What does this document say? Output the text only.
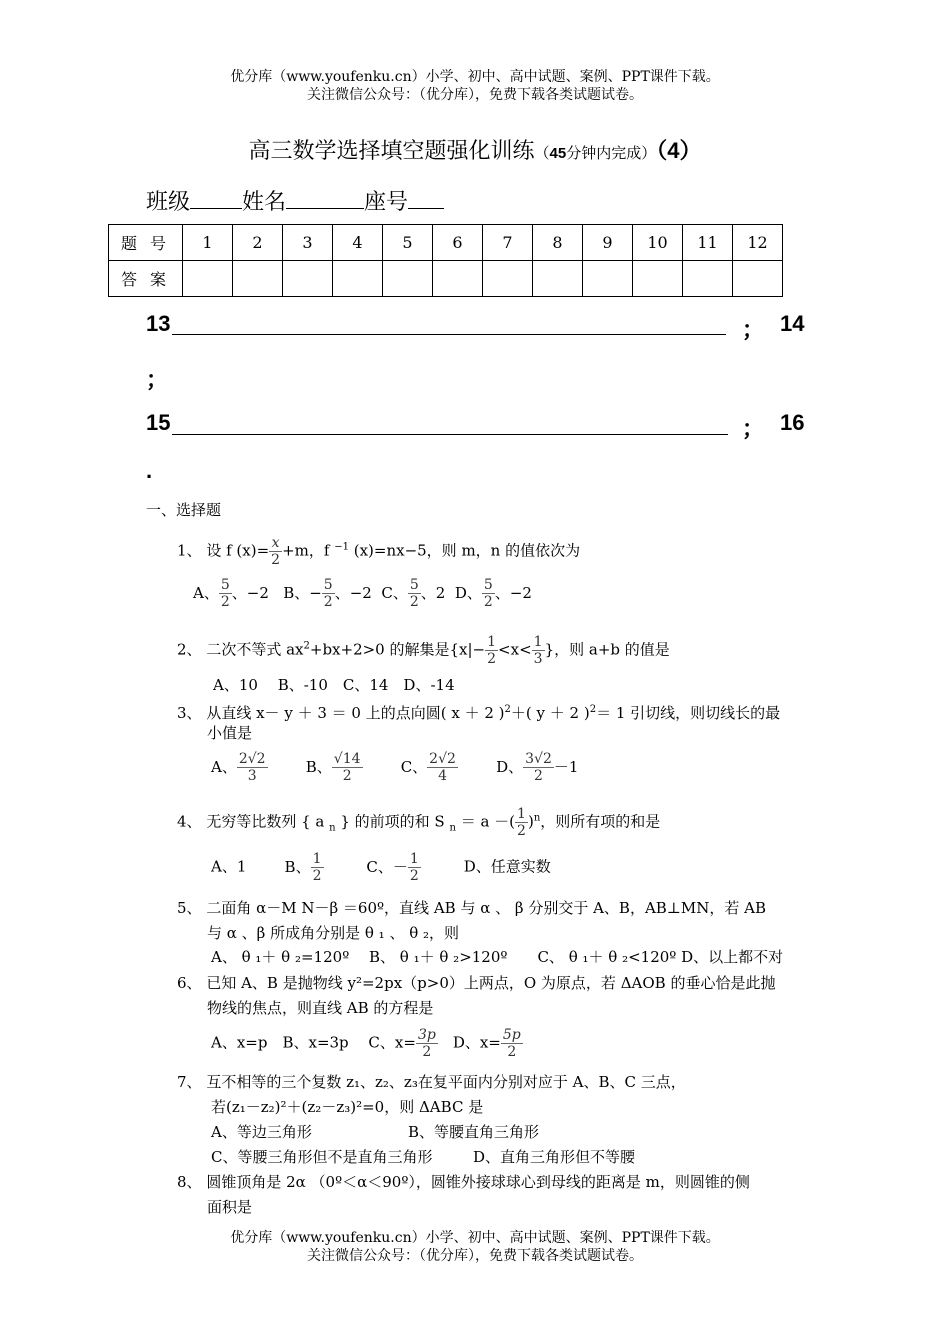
优分库（www.youfenku.cn）小学、初中、高中试题、案例、PPT课件下载。
关注微信公众号：（优分库），免费下载各类试题试卷。
高三数学选择填空题强化训练（45分钟内完成）（4）
班级 姓名	座号
题 号	1	2	3	4	5	6	7	8	9	10	11	12
答 案												
13	； 14
；
15	； 16
.
一、选择题
1、 设 f $(x)= \frac{x}{2} +m$，f $^{-1}$ (x)=nx−5，则 m，n 的值依次为
A、 $\frac{5}{2}$ 、−2 B、− $\frac{5}{2}$ 、−2 C、 $\frac{5}{2}$ 、2 D、 $\frac{5}{2}$ 、−2
2、 二次不等式 $ax^2+bx+2>0$ 的解集是{$x|- \frac{1}{2} <x< \frac{1}{3}$ }，则 a+b 的值是
A、10　 B、-10　C、14　D、-14
3、 从直线 x－ y ＋ 3 ＝ 0 上的点向圆( x ＋ 2 )$^2$＋( y ＋ 2 )$^2$＝ 1 引切线，则切线长的最
小值是
A、 $\frac{2√2}{3}$	B、 $\frac{√14}{2}$	C、 $\frac{2√2}{4}$	D、 $\frac{3√2}{2} -1$
4、 无穷等比数列 { a $_n$ } 的前项的和 S $_n$ ＝ a －( $\frac{1}{2} )^n$，则所有项的和是
A、1	B、 $\frac{1}{2}$	C、－ $\frac{1}{2}$	D、任意实数
5、 二面角 α－M N－β ＝60º，直线 AB 与 α 、 β 分别交于 A、B，AB⊥MN，若 AB
与 α 、β 所成角分别是 θ ₁ 、 θ ₂，则
A、 θ ₁＋ θ ₂=120º　 B、 θ ₁＋ θ ₂>120º　　C、 θ ₁＋ θ ₂<120º D、以上都不对
6、 已知 A、B 是抛物线 y²=2px（p>0）上两点，O 为原点，若 ΔAOB 的垂心恰是此抛
物线的焦点，则直线 AB 的方程是
A、x=p　B、x=3p　 C、$x= \frac{3p}{2}$ 　D、$x= \frac{5p}{2}$
7、 互不相等的三个复数 z₁、z₂、z₃在复平面内分别对应于 A、B、C 三点，
若(z₁－z₂)²＋(z₂－z₃)²=0，则 ΔABC 是
A、等边三角形	B、等腰直角三角形
C、等腰三角形但不是直角三角形	D、直角三角形但不等腰
8、 圆锥顶角是 2α （0º＜α＜90º），圆锥外接球球心到母线的距离是 m，则圆锥的侧
面积是
优分库（www.youfenku.cn）小学、初中、高中试题、案例、PPT课件下载。
关注微信公众号：（优分库），免费下载各类试题试卷。
